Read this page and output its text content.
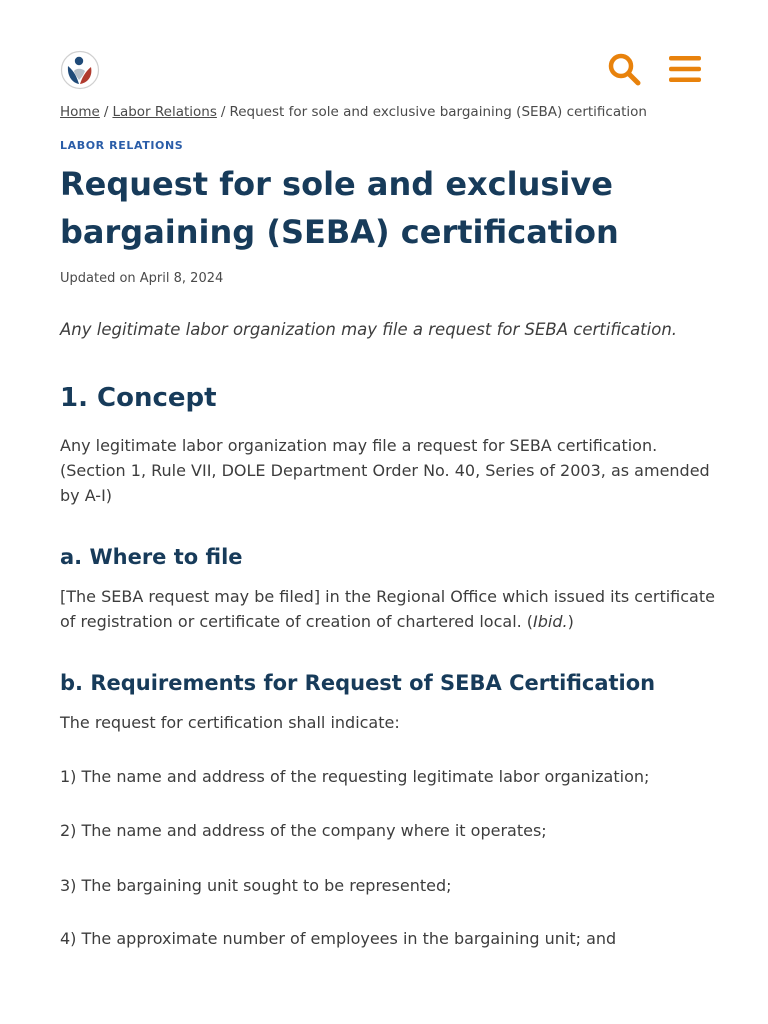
Home / Labor Relations / Request for sole and exclusive bargaining (SEBA) certification
LABOR RELATIONS
Request for sole and exclusive bargaining (SEBA) certification
Updated on April 8, 2024

Any legitimate labor organization may file a request for SEBA certification.

1. Concept

Any legitimate labor organization may file a request for SEBA certification. (Section 1, Rule VII, DOLE Department Order No. 40, Series of 2003, as amended by A-I)

a. Where to file

[The SEBA request may be filed] in the Regional Office which issued its certificate of registration or certificate of creation of chartered local. (Ibid.)

b. Requirements for Request of SEBA Certification

The request for certification shall indicate:

1) The name and address of the requesting legitimate labor organization;

2) The name and address of the company where it operates;

3) The bargaining unit sought to be represented;

4) The approximate number of employees in the bargaining unit; and
